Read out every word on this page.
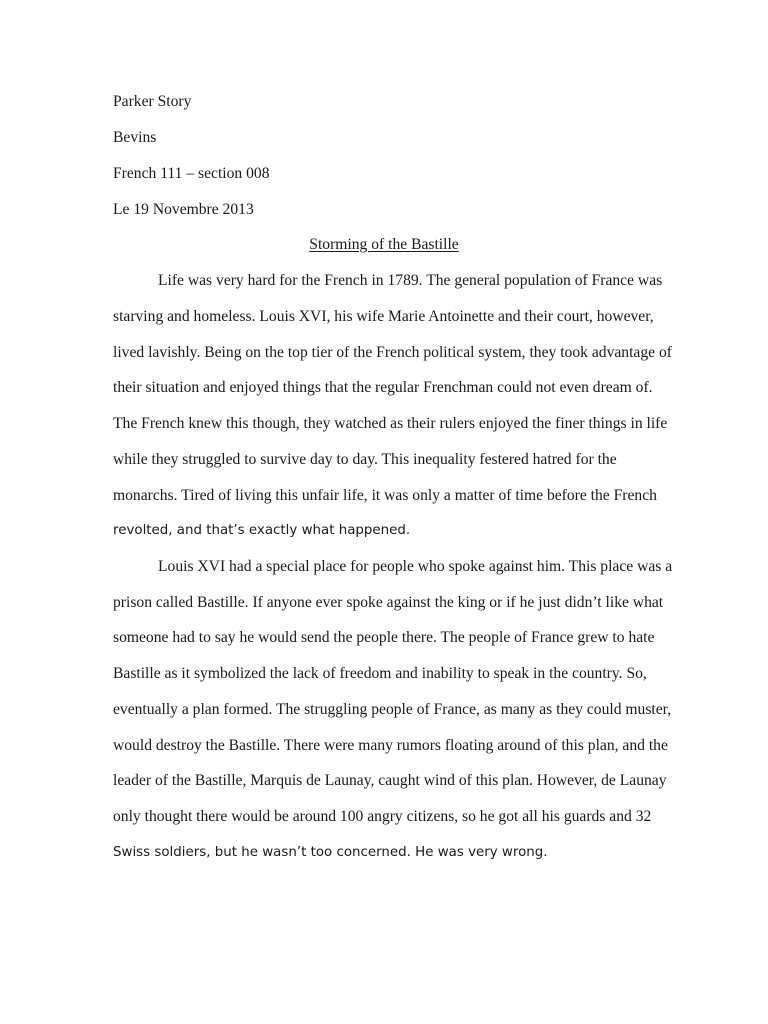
Parker Story
Bevins
French 111 – section 008
Le 19 Novembre 2013
Storming of the Bastille
Life was very hard for the French in 1789. The general population of France was
starving and homeless. Louis XVI, his wife Marie Antoinette and their court, however,
lived lavishly. Being on the top tier of the French political system, they took advantage of
their situation and enjoyed things that the regular Frenchman could not even dream of.
The French knew this though, they watched as their rulers enjoyed the finer things in life
while they struggled to survive day to day. This inequality festered hatred for the
monarchs. Tired of living this unfair life, it was only a matter of time before the French
revolted, and that’s exactly what happened.
Louis XVI had a special place for people who spoke against him. This place was a
prison called Bastille. If anyone ever spoke against the king or if he just didn’t like what
someone had to say he would send the people there. The people of France grew to hate
Bastille as it symbolized the lack of freedom and inability to speak in the country. So,
eventually a plan formed. The struggling people of France, as many as they could muster,
would destroy the Bastille. There were many rumors floating around of this plan, and the
leader of the Bastille, Marquis de Launay, caught wind of this plan. However, de Launay
only thought there would be around 100 angry citizens, so he got all his guards and 32
Swiss soldiers, but he wasn’t too concerned. He was very wrong.
